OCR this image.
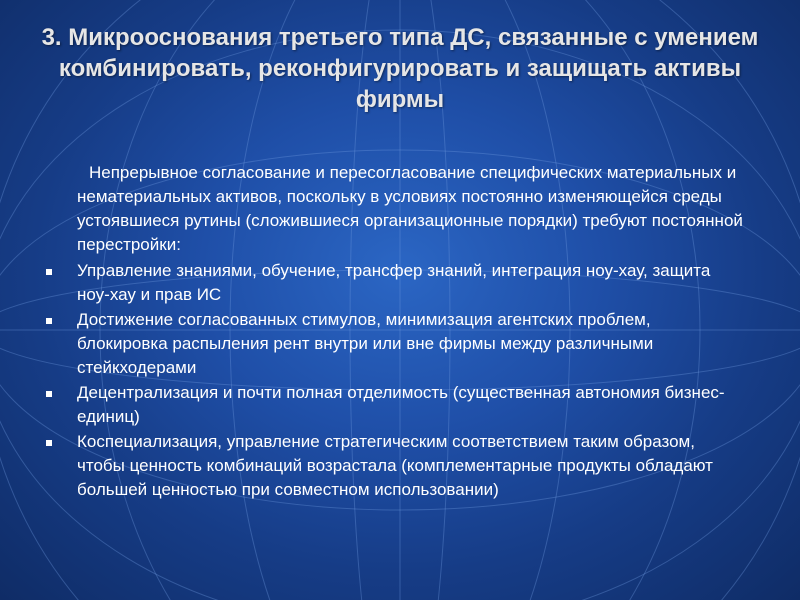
3. Микрооснования третьего типа ДС, связанные с умением комбинировать, реконфигурировать и защищать активы фирмы
Непрерывное согласование и пересогласование специфических материальных и нематериальных активов, поскольку в условиях постоянно изменяющейся среды устоявшиеся рутины (сложившиеся организационные порядки) требуют постоянной перестройки:
Управление знаниями, обучение, трансфер знаний, интеграция ноу-хау, защита ноу-хау и прав ИС
Достижение согласованных стимулов, минимизация агентских проблем, блокировка распыления рент внутри или вне фирмы между различными стейкходерами
Децентрализация и почти полная отделимость (существенная автономия бизнес-единиц)
Коспециализация, управление стратегическим соответствием таким образом, чтобы ценность комбинаций возрастала (комплементарные продукты обладают большей ценностью при совместном использовании)
